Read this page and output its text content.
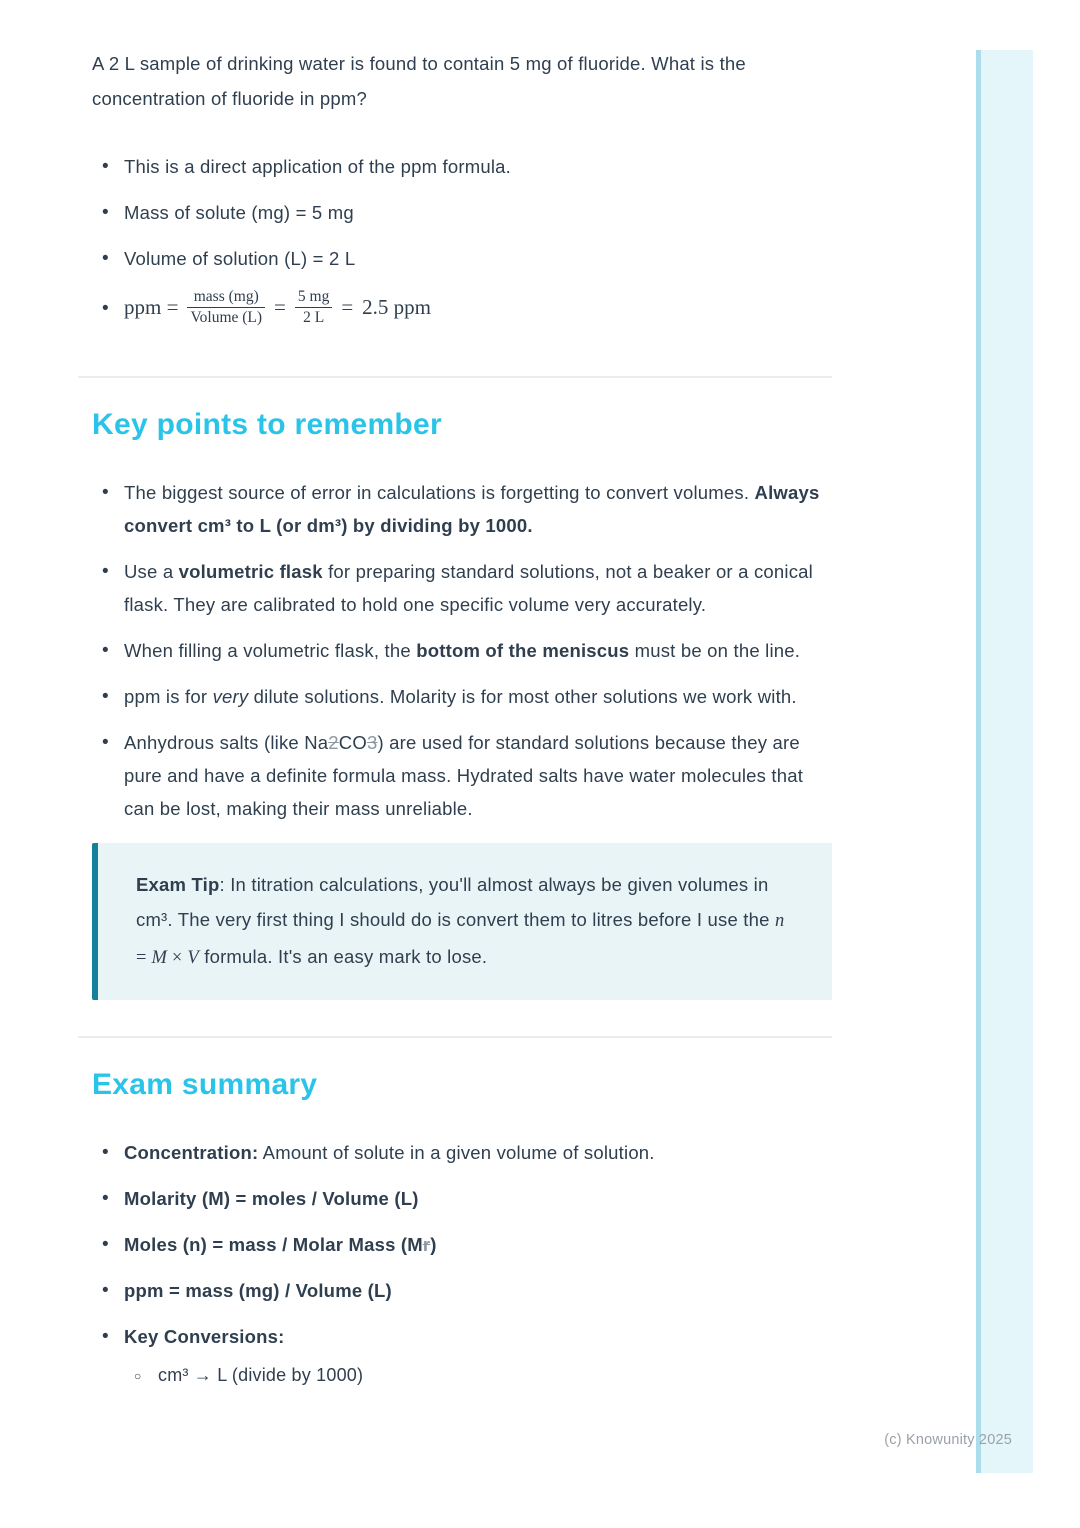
A 2 L sample of drinking water is found to contain 5 mg of fluoride. What is the concentration of fluoride in ppm?

• This is a direct application of the ppm formula.
• Mass of solute (mg) = 5 mg
• Volume of solution (L) = 2 L
•
ppm = $\frac{\text{mass (mg)}}{\text{Volume (L)}} = \frac{5 mg}{2 L} = 2.5$ ppm
Key points to remember
• The biggest source of error in calculations is forgetting to convert volumes. Always convert cm³ to L (or dm³) by dividing by 1000.
• Use a volumetric flask for preparing standard solutions, not a beaker or a conical flask. They are calibrated to hold one specific volume very accurately.
• When filling a volumetric flask, the bottom of the meniscus must be on the line.
• ppm is for very dilute solutions. Molarity is for most other solutions we work with.
• Anhydrous salts (like Na2CO3) are used for standard solutions because they are pure and have a definite formula mass. Hydrated salts have water molecules that can be lost, making their mass unreliable.

Exam Tip: In titration calculations, you'll almost always be given volumes in cm³. The very first thing I should do is convert them to litres before I use the n = M × V formula. It's an easy mark to lose.

Exam summary
• Concentration: Amount of solute in a given volume of solution.
• Molarity (M) = moles / Volume (L)
• Moles (n) = mass / Molar Mass (Mr)
• ppm = mass (mg) / Volume (L)
• Key Conversions:
○ cm³ → L (divide by 1000)
(c) Knowunity 2025
